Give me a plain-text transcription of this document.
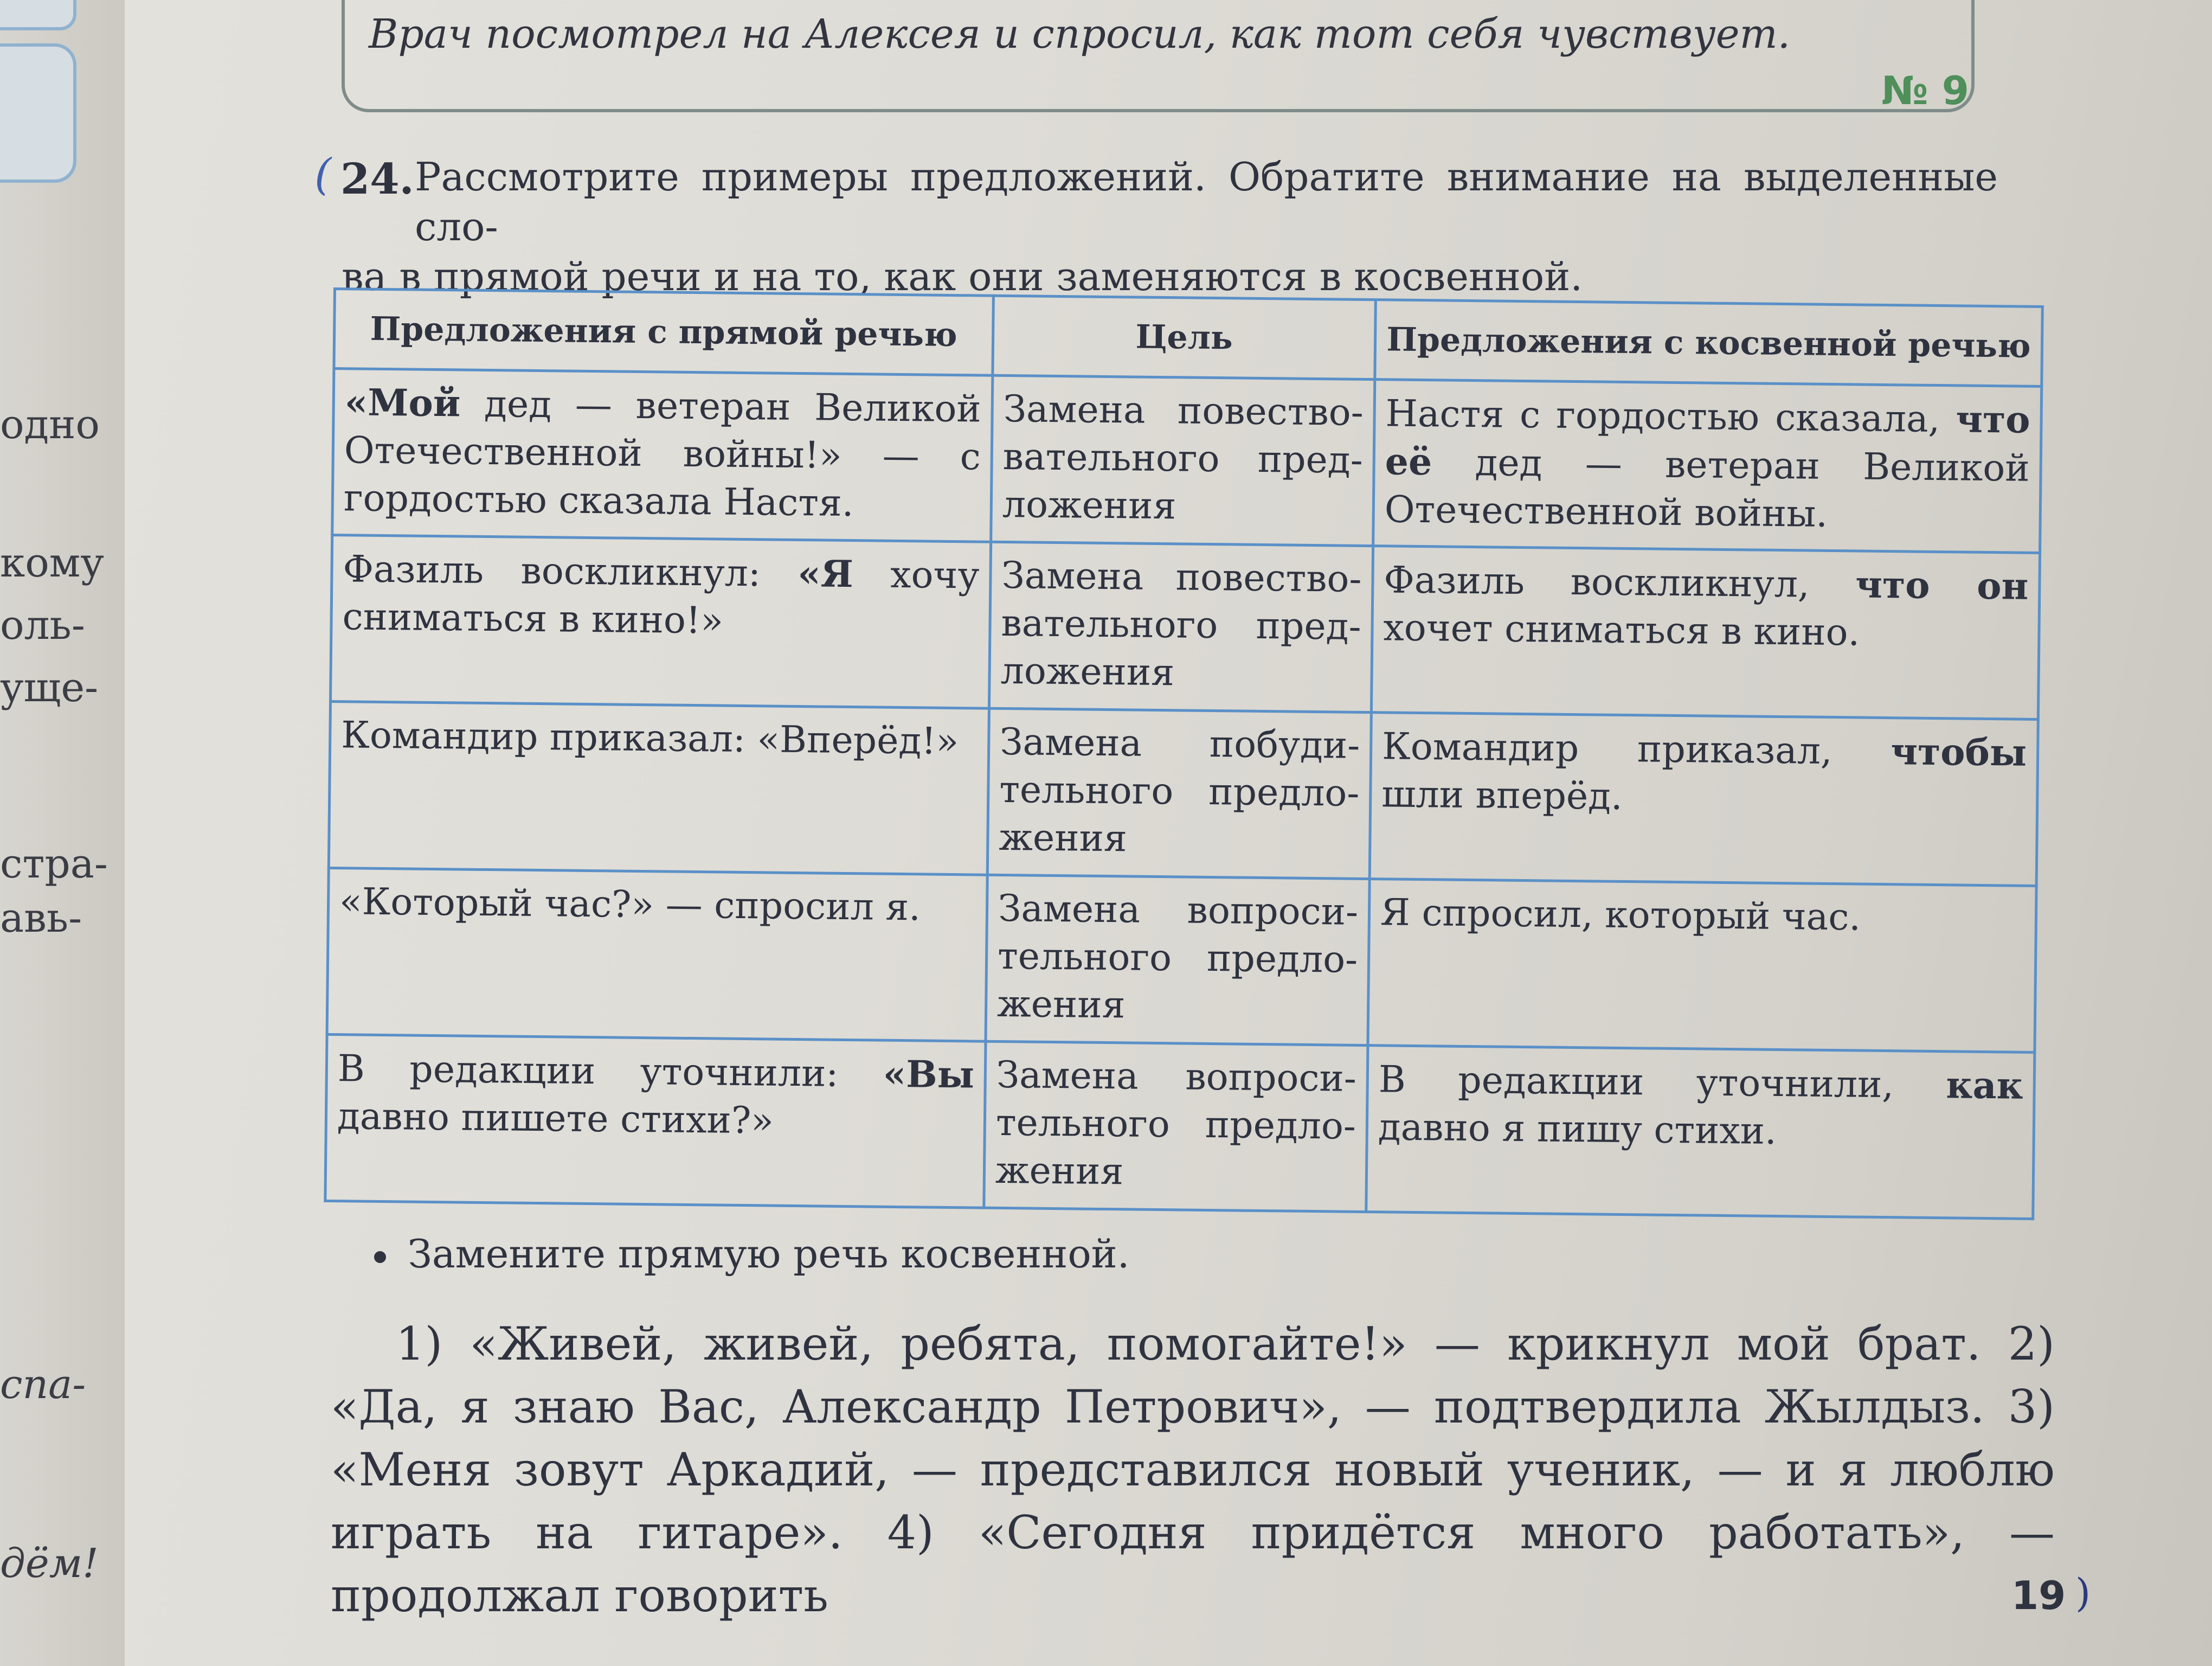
одно
кому
оль-
уще-
стра-
авь-
спа-
дём!
Врач посмотрел на Алексея и спросил, как тот себя чувствует.
№ 9
( 24. Рассмотрите примеры предложений. Обратите внимание на выделенные сло-
ва в прямой речи и на то, как они заменяются в косвенной.
Предложения с прямой речью	Цель	Предложения с косвенной речью
«Мой дед — ветеран Великой Отечественной войны!» — с гордостью сказала Настя.	Замена повество-вательного пред-ложения	Настя с гордостью сказала, что её дед — ветеран Великой Отечественной войны.
Фазиль воскликнул: «Я хочу сниматься в кино!»	Замена повество-вательного пред-ложения	Фазиль воскликнул, что он хочет сниматься в кино.
Командир приказал: «Вперёд!»	Замена побуди-тельного предло-жения	Командир приказал, чтобы шли вперёд.
«Который час?» — спросил я.	Замена вопроси-тельного предло-жения	Я спросил, который час.
В редакции уточнили: «Вы давно пишете стихи?»	Замена вопроси-тельного предло-жения	В редакции уточнили, как давно я пишу стихи.
Замените прямую речь косвенной.
1) «Живей, живей, ребята, помогайте!» — крикнул мой брат. 2) «Да, я знаю Вас, Александр Петрович», — подтвердила Жылдыз. 3) «Меня зовут Аркадий, — представился новый ученик, — и я люблю играть на гитаре». 4) «Сегодня придётся много работать», — продолжал говорить	19 )
